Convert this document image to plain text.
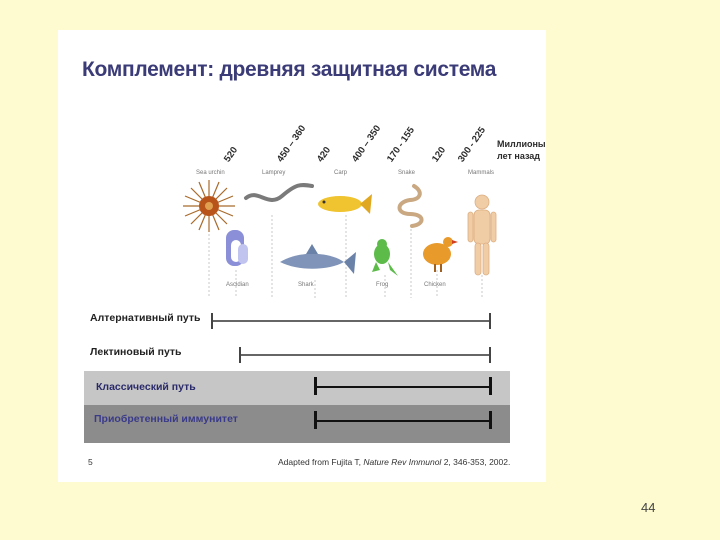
Комплемент: древняя защитная система
520	450 – 360 420 400 – 350 170 - 155 120 300 - 225 Миллионы лет назад
Sea urchin	Lamprey	Carp	Snake	Mammals
Ascidian	Shark	Frog	Chicken
Алтернативный путь
Лектиновый путь
Классический путь
Приобретенный иммунитет
5	Adapted from Fujita T, Nature Rev Immunol 2, 346-353, 2002.
44
